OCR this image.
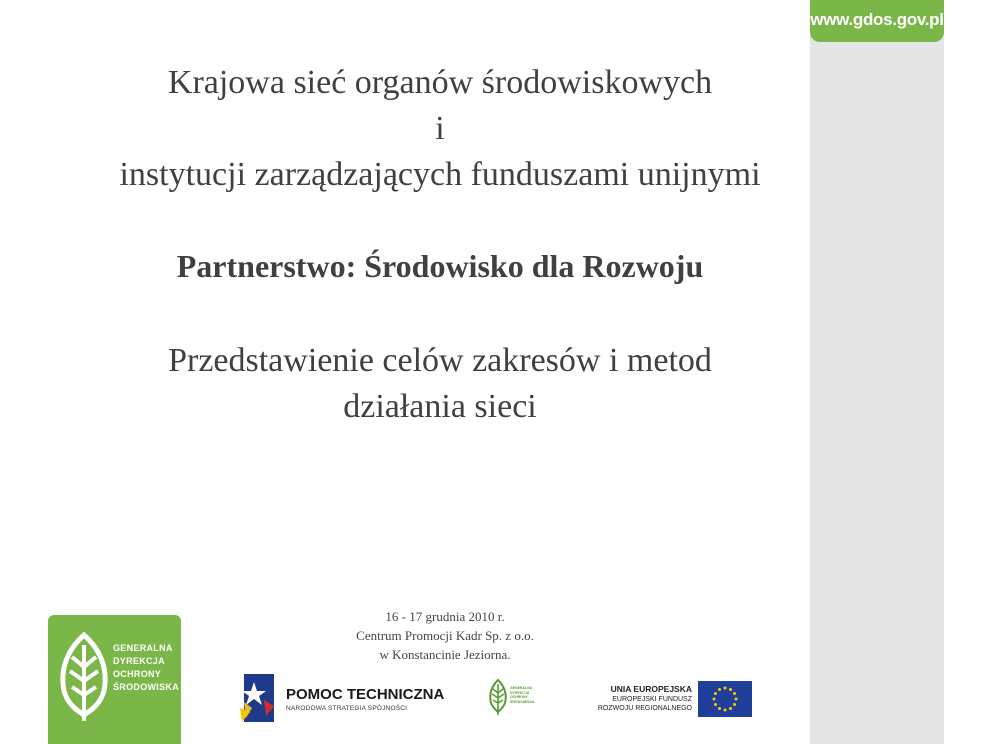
www.gdos.gov.pl
Krajowa sieć organów środowiskowych
i
instytucji zarządzających funduszami unijnymi
Partnerstwo: Środowisko dla Rozwoju
Przedstawienie celów zakresów i metod
działania sieci
16 - 17 grudnia 2010 r.
Centrum Promocji Kadr Sp. z o.o.
w Konstancinie Jeziorna.
GENERALNA
DYREKCJA
OCHRONY
ŚRODOWISKA	POMOC TECHNICZNA
NARODOWA STRATEGIA SPÓJNOŚCI
GENERALNA
DYREKCJA
OCHRONY
ŚRODOWISKA
UNIA EUROPEJSKA
EUROPEJSKI FUNDUSZ
ROZWOJU REGIONALNEGO
